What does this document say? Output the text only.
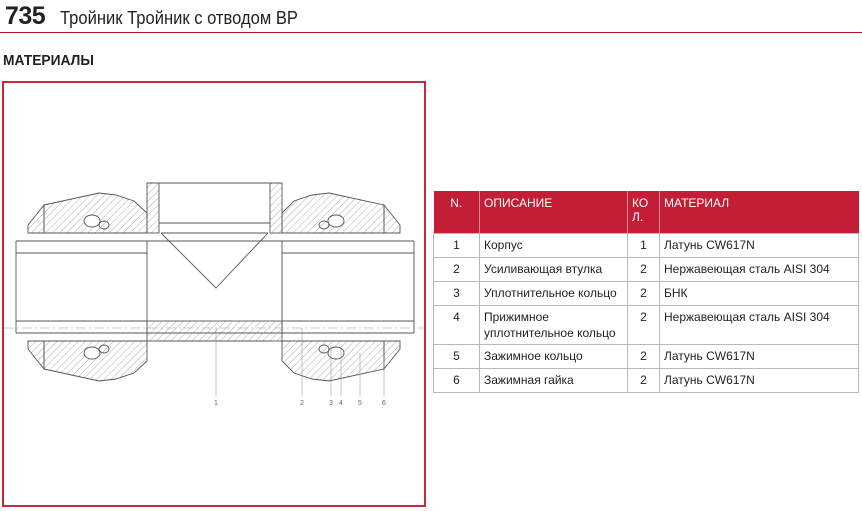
735 Тройник Тройник с отводом ВР
МАТЕРИАЛЫ
1	2	3 4 5	6
N.	ОПИСАНИЕ	КО Л.	МАТЕРИАЛ
1	Корпус	1	Латунь CW617N
2	Усиливающая втулка	2	Нержавеющая сталь AISI 304
3	Уплотнительное кольцо	2	БНК
4	Прижимное уплотнительное кольцо	2	Нержавеющая сталь AISI 304
5	Зажимное кольцо	2	Латунь CW617N
6	Зажимная гайка	2	Латунь CW617N
